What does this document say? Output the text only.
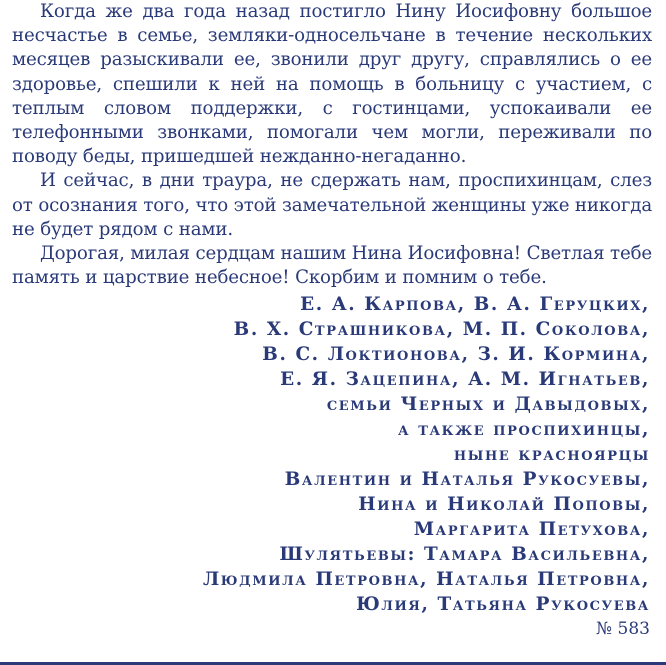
Когда же два года назад постигло Нину Иосифовну большое несчастье в семье, земляки-односельчане в течение нескольких месяцев разыскивали ее, звонили друг другу, справлялись о ее здоровье, спешили к ней на помощь в больницу с участием, с теплым словом поддержки, с гостинцами, успокаивали ее телефонными звонками, помогали чем могли, переживали по поводу беды, пришедшей нежданно-негаданно.

И сейчас, в дни траура, не сдержать нам, проспихинцам, слез от осознания того, что этой замечательной женщины уже никогда не будет рядом с нами.

Дорогая, милая сердцам нашим Нина Иосифовна! Светлая тебе память и царствие небесное! Скорбим и помним о тебе.

Е. А. Карпова, В. А. Геруцких,
В. Х. Страшникова, М. П. Соколова,
В. С. Локтионова, З. И. Кормина,
Е. Я. Зацепина, А. М. Игнатьев,
семьи Черных и Давыдовых,
а также проспихинцы,
ныне красноярцы
Валентин и Наталья Рукосуевы,
Нина и Николай Поповы,
Маргарита Петухова,
Шулятьевы: Тамара Васильевна,
Людмила Петровна, Наталья Петровна,
Юлия, Татьяна Рукосуева
№ 583
